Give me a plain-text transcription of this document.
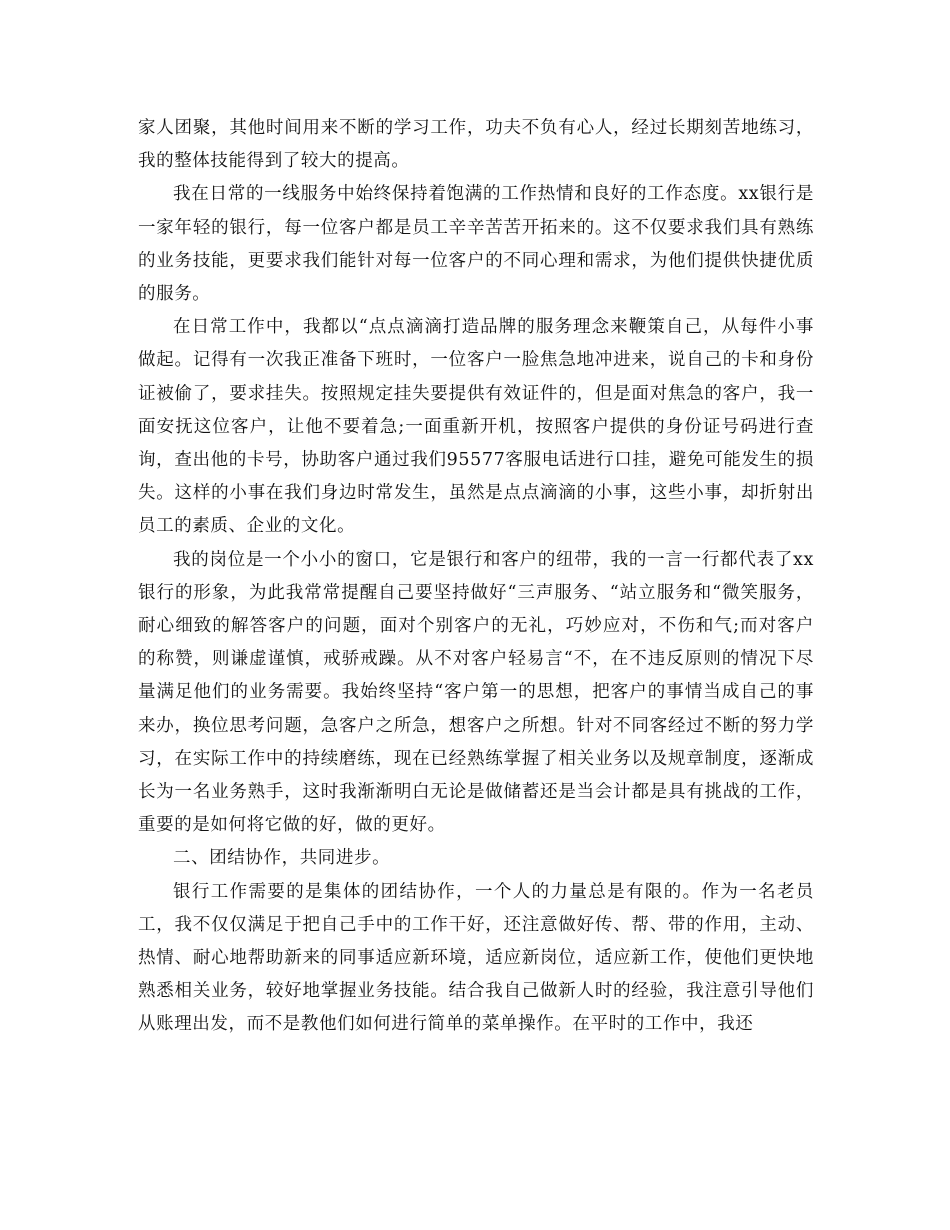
家人团聚，其他时间用来不断的学习工作，功夫不负有心人，经过长期刻苦地练习，我的整体技能得到了较大的提高。

我在日常的一线服务中始终保持着饱满的工作热情和良好的工作态度。xx银行是一家年轻的银行，每一位客户都是员工辛辛苦苦开拓来的。这不仅要求我们具有熟练的业务技能，更要求我们能针对每一位客户的不同心理和需求，为他们提供快捷优质的服务。

在日常工作中，我都以“点点滴滴打造品牌的服务理念来鞭策自己，从每件小事做起。记得有一次我正准备下班时，一位客户一脸焦急地冲进来，说自己的卡和身份证被偷了，要求挂失。按照规定挂失要提供有效证件的，但是面对焦急的客户，我一面安抚这位客户，让他不要着急;一面重新开机，按照客户提供的身份证号码进行查询，查出他的卡号，协助客户通过我们95577客服电话进行口挂，避免可能发生的损失。这样的小事在我们身边时常发生，虽然是点点滴滴的小事，这些小事，却折射出员工的素质、企业的文化。

我的岗位是一个小小的窗口，它是银行和客户的纽带，我的一言一行都代表了xx银行的形象，为此我常常提醒自己要坚持做好“三声服务、“站立服务和“微笑服务，耐心细致的解答客户的问题，面对个别客户的无礼，巧妙应对，不伤和气;而对客户的称赞，则谦虚谨慎，戒骄戒躁。从不对客户轻易言“不，在不违反原则的情况下尽量满足他们的业务需要。我始终坚持“客户第一的思想，把客户的事情当成自己的事来办，换位思考问题，急客户之所急，想客户之所想。针对不同客经过不断的努力学习，在实际工作中的持续磨练，现在已经熟练掌握了相关业务以及规章制度，逐渐成长为一名业务熟手，这时我渐渐明白无论是做储蓄还是当会计都是具有挑战的工作，重要的是如何将它做的好，做的更好。

二、团结协作，共同进步。

银行工作需要的是集体的团结协作，一个人的力量总是有限的。作为一名老员工，我不仅仅满足于把自己手中的工作干好，还注意做好传、帮、带的作用，主动、热情、耐心地帮助新来的同事适应新环境，适应新岗位，适应新工作，使他们更快地熟悉相关业务，较好地掌握业务技能。结合我自己做新人时的经验，我注意引导他们从账理出发，而不是教他们如何进行简单的菜单操作。在平时的工作中，我还
